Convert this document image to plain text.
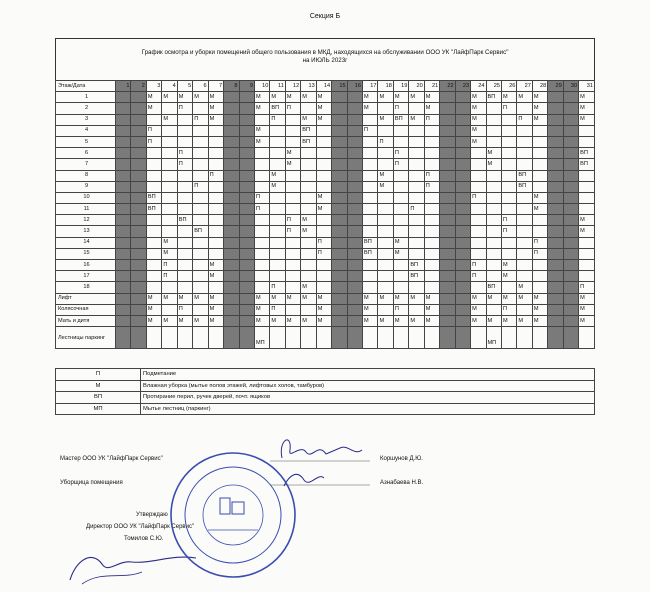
Секция Б
График осмотра и уборки помещений общего пользования в МКД, находящихся на обслуживании ООО УК "ЛайфПарк Сервис"
на ИЮЛЬ 2023г
Этаж/Дата	1	2	3	4	5	6	7	8	9	10	11	12	13	14	15	16	17	18	19	20	21	22	23	24	25	26	27	28	29	30	31
1			М	М	М	М	М			М	М	М	М	М			М	М	М	М	М			М	ВП	М	М	М			М
2			М		П		М			М	ВП	П		М			М		П		М			М		П		М			М
3				М		П	М				П		М	М				М	ВП	М	П			М			П	М			М
4			П							М			ВП				П							М							
5			П							М			ВП					П						М							
6					П							М							П						М						ВП
7					П							М							П						М						ВП
8							П				М							М			П						ВП				
9						П					М							М			П						ВП				
10			ВП							П				М										П				М			
11			ВП							П				М						П								М			
12					ВП							П	М													П					М
13						ВП						П	М													П					М
14				М										П			ВП		М									П			
15				М										П			ВП		М									П			
16				П			М													ВП				П		М					
17				П			М													ВП				П		М					
18											П		М												ВП		М				П
Лифт			М	М	М	М	М			М	М	М	М	М			М	М	М	М	М			М	М	М	М	М			М
Колясочная			М		П		М			М	П			М			М		П		М			М		П		М			М
Мать и дитя			М	М	М	М	М			М	М	М	М	М			М	М	М	М	М			М	М	М	М	М			М
Лестницы паркинг										МП															МП						
П	Подметание
М	Влажная уборка (мытье полов этажей, лифтовых холов, тамбуров)
ВП	Протирание перил, ручек дверей, почт. ящиков
МП	Мытье лестниц (паркинг)
Мастер ООО УК "ЛайфПарк Сервис"	Коршунов Д.Ю.
Уборщица помещения	Азнабаева Н.В.
Утверждаю
Директор ООО УК "ЛайфПарк Сервис"
Томилов С.Ю.
